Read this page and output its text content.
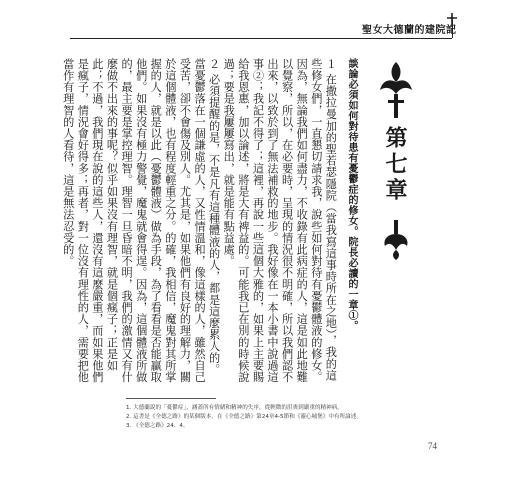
聖女大德蘭的建院記
第七章

談論必須如何對待患有憂鬱症的修女。院長必讀的一章①。

１ 在撒拉曼加的聖若瑟隱院（當我寫這事時所在之地），我的這些修女們，一直懇切請求我，說些如何對待有憂鬱體液的修女。因為，無論我們如何盡力，不收錄有此病症的人，這是如此地難以覺察，所以，在必要時，呈現的情況很不明確，所以我們認不出來，以致於到了無法補救的地步。我好像在一本小書中說過這事②；我記不得了；這裡，再說一些這個大雅的，如果上主要賜給我恩惠，加以論述，將是大有裨益的。可能我已在別的時候說過；要是我屢屢寫出，就是能有點益處。

２ 必須提醒的是，不是凡有這種體液的人，都是這麼累人的。當憂鬱落在一個謙虛的人，又性情溫和，像這樣的人，雖然自己受苦，卻不會傷及別人。尤其是，如果他們有良好的理解力，關於這個體液，也有程度輕重之分。的確，我相信，魔鬼對其所掌握的人，就是以此（憂鬱體液）做為手段，為了看看是否能贏取他們。如果沒有極力警覺，魔鬼就會得逞。因為，這個體液所做的，最主要是掌控理智。理智一旦昏暗不明，我們的激情又有什麼做不出來的事呢？似乎如果沒有理智，就是個瘋子；正是如此；不過，我們現在說的這些人，還沒有這麼嚴重，而如果他們是瘋子，情況會好得多；再者，對一位沒有理性的人，需要把他當作有理智的人看待，這是無法忍受的。

1. 大德蘭說的「憂鬱症」，涵蓋所有情緒和精神的失序，從輕微的沮喪到嚴重的精神病。
2. 這書是《全德之路》的某個版本，在《全德之路》第24章4-5節和《靈心城堡》中有所論述。
3. 《全德之路》24．4。
74
